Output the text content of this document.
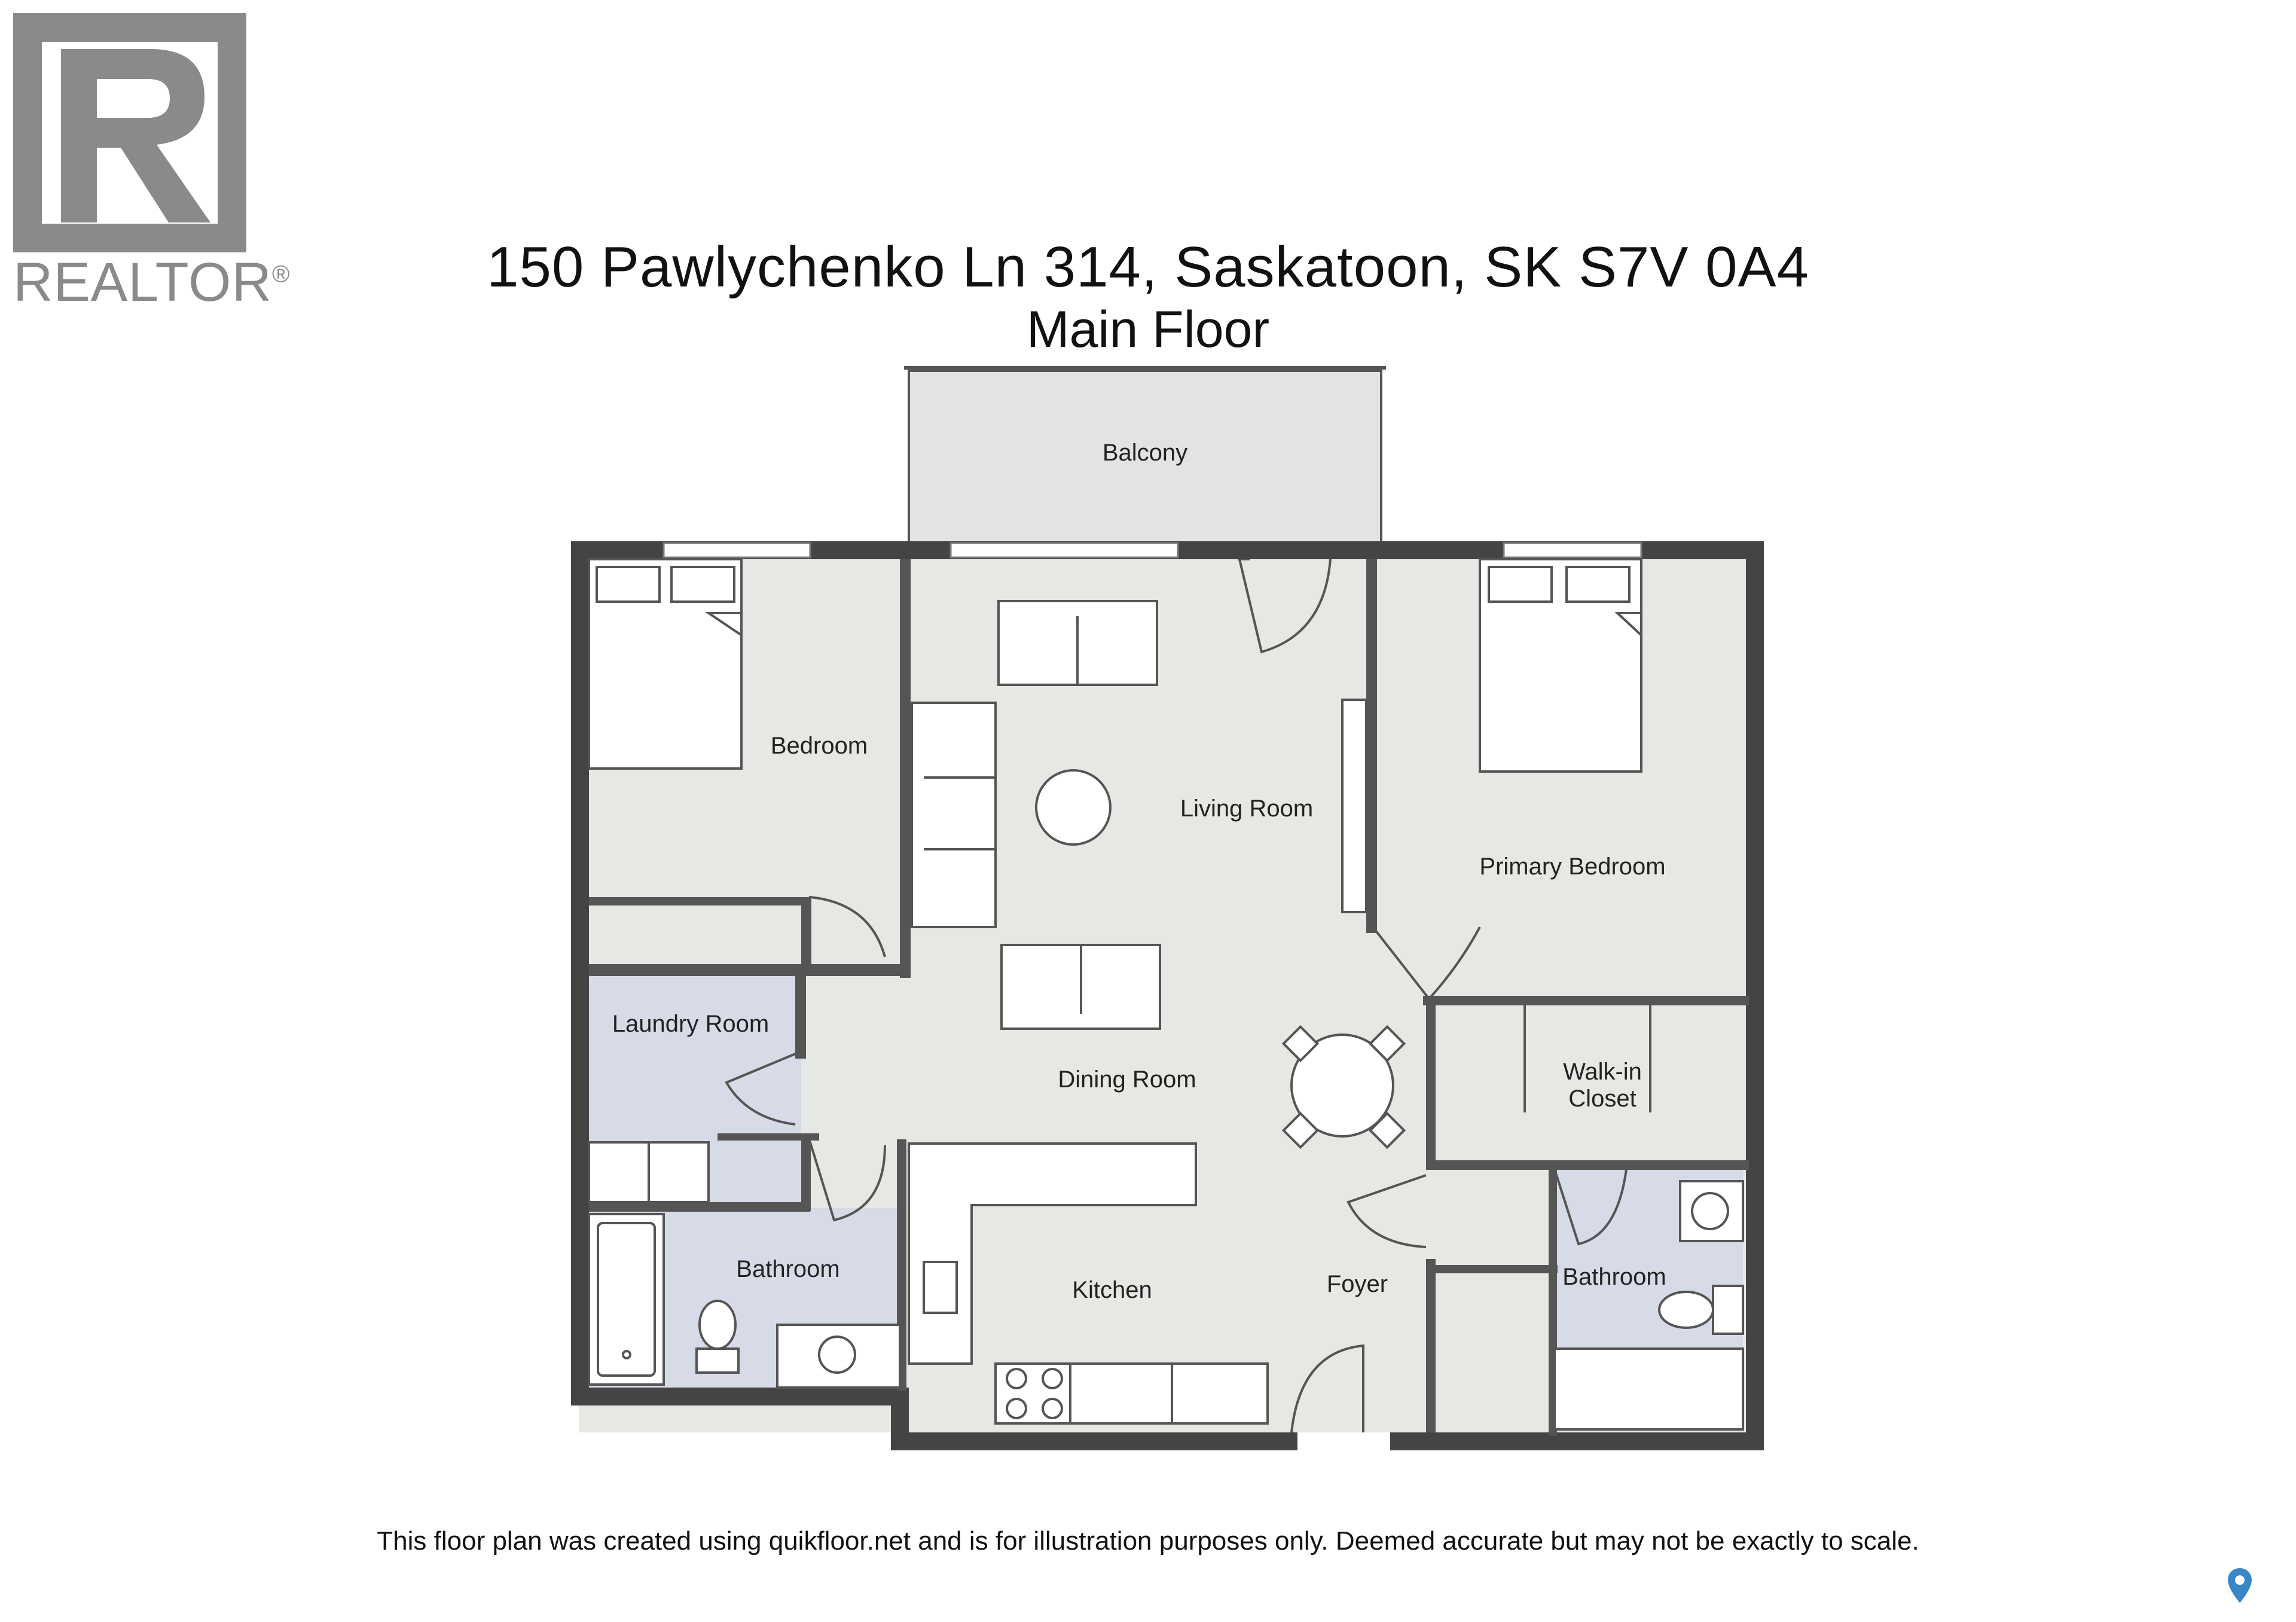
REALTOR®	150 Pawlychenko Ln 314, Saskatoon, SK S7V 0A4
Main Floor
Balcony
Bedroom
Living Room
Primary Bedroom
Laundry Room
Dining Room	Walk-in
Closet
Bathroom
Kitchen	Foyer	Bathroom
This floor plan was created using quikfloor.net and is for illustration purposes only. Deemed accurate but may not be exactly to scale.
